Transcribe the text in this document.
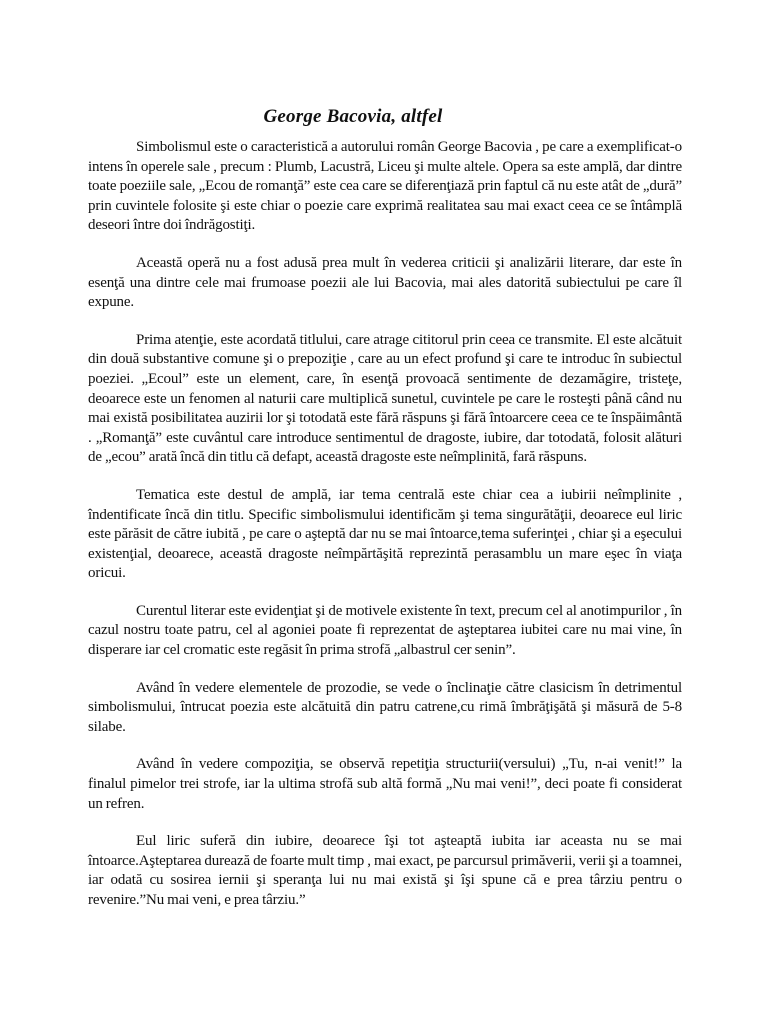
George Bacovia, altfel

Simbolismul este o caracteristică a autorului român George Bacovia , pe care a exemplificat-o intens în operele sale , precum : Plumb, Lacustră, Liceu şi multe altele. Opera sa este amplă, dar dintre toate poeziile sale, „Ecou de romanţă” este cea care se diferenţiază prin faptul că nu este atât de „dură” prin cuvintele folosite şi este chiar o poezie care exprimă realitatea sau mai exact ceea ce se întâmplă deseori între doi îndrăgostiţi.

Această operă nu a fost adusă prea mult în vederea criticii şi analizării literare, dar este în esenţă una dintre cele mai frumoase poezii ale lui Bacovia, mai ales datorită subiectului pe care îl expune.

Prima atenţie, este acordată titlului, care atrage cititorul prin ceea ce transmite. El este alcătuit din două substantive comune şi o prepoziţie , care au un efect profund şi care te introduc în subiectul poeziei. „Ecoul” este un element, care, în esenţă provoacă sentimente de dezamăgire, tristeţe, deoarece este un fenomen al naturii care multiplică sunetul, cuvintele pe care le rosteşti până când nu mai există posibilitatea auzirii lor şi totodată este fără răspuns şi fără întoarcere ceea ce te înspăimântă . „Romanţă” este cuvântul care introduce sentimentul de dragoste, iubire, dar totodată, folosit alături de „ecou” arată încă din titlu că defapt, această dragoste este neîmplinită, fară răspuns.

Tematica este destul de amplă, iar tema centrală este chiar cea a iubirii neîmplinite , îndentificate încă din titlu. Specific simbolismului identificăm şi tema singurătăţii, deoarece eul liric este părăsit de către iubită , pe care o aşteptă dar nu se mai întoarce,tema suferinţei , chiar şi a eşecului existenţial, deoarece, această dragoste neîmpărtăşită reprezintă perasamblu un mare eşec în viaţa oricui.

Curentul literar este evidenţiat şi de motivele existente în text, precum cel al anotimpurilor , în cazul nostru toate patru, cel al agoniei poate fi reprezentat de aşteptarea iubitei care nu mai vine, în disperare iar cel cromatic este regăsit în prima strofă „albastrul cer senin”.

Având în vedere elementele de prozodie, se vede o înclinaţie către clasicism în detrimentul simbolismului, întrucat poezia este alcătuită din patru catrene,cu rimă îmbrăţişătă şi măsură de 5-8 silabe.

Având în vedere compoziţia, se observă repetiţia structurii(versului) „Tu, n-ai venit!” la finalul pimelor trei strofe, iar la ultima strofă sub altă formă „Nu mai veni!”, deci poate fi considerat un refren.

Eul liric suferă din iubire, deoarece îşi tot aşteaptă iubita iar aceasta nu se mai întoarce.Aşteptarea durează de foarte mult timp , mai exact, pe parcursul primăverii, verii şi a toamnei, iar odată cu sosirea iernii şi speranţa lui nu mai există şi îşi spune că e prea târziu pentru o revenire.”Nu mai veni, e prea târziu.”
